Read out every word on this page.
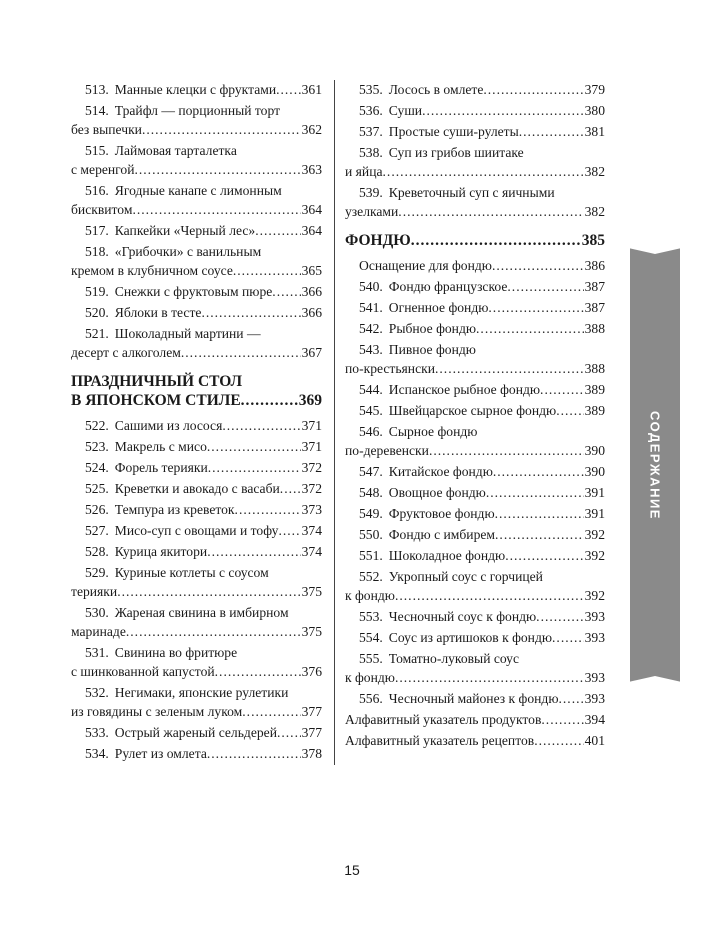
513. Манные клецки с фруктами ..... 361
514. Трайфл — порционный торт
без выпечки .....	362
515. Лаймовая тарталетка
с меренгой .....	363
516. Ягодные канапе с лимонным
бисквитом .....	364
517. Капкейки «Черный лес» .....	364
518. «Грибочки» с ванильным
кремом в клубничном соусе .....	365
519. Снежки с фруктовым пюре ..... 366
520. Яблоки в тесте .....	366
521. Шоколадный мартини —
десерт с алкоголем .....	367
ПРАЗДНИЧНЫЙ СТОЛ
В ЯПОНСКОМ СТИЛЕ .....	369
522. Сашими из лосося .....	371
523. Макрель с мисо .....	371
524. Форель терияки .....	372
525. Креветки и авокадо с васаби ..... 372
526. Темпура из креветок .....	373
527. Мисо-суп с овощами и тофу ..... 374
528. Курица якитори .....	374
529. Куриные котлеты с соусом
терияки .....	375
530. Жареная свинина в имбирном
маринаде .....	375
531. Свинина во фритюре
с шинкованной капустой .....	376
532. Негимаки, японские рулетики
из говядины с зеленым луком .....	377
533. Острый жареный сельдерей ..... 377
534. Рулет из омлета .....	378
535. Лосось в омлете .....	379
536. Суши .....	380
537. Простые суши-рулеты .....	381
538. Суп из грибов шиитаке
и яйца .....	382
539. Креветочный суп с яичными
узелками .....	382
ФОНДЮ .....	385
Оснащение для фондю .....	386
540. Фондю французское .....	387
541. Огненное фондю .....	387
542. Рыбное фондю .....	388
543. Пивное фондю
по-крестьянски .....	388
544. Испанское рыбное фондю .....	389
545. Швейцарское сырное фондю ..... 389
546. Сырное фондю
по-деревенски .....	390
547. Китайское фондю .....	390
548. Овощное фондю .....	391
549. Фруктовое фондю .....	391
550. Фондю с имбирем .....	392
551. Шоколадное фондю .....	392
552. Укропный соус с горчицей
к фондю .....	392
553. Чесночный соус к фондю .....	393
554. Соус из артишоков к фондю ..... 393
555. Томатно-луковый соус
к фондю .....	393
556. Чесночный майонез к фондю ..... 393
Алфавитный указатель продуктов .....	394
Алфавитный указатель рецептов .....	401
СОДЕРЖАНИЕ
15
